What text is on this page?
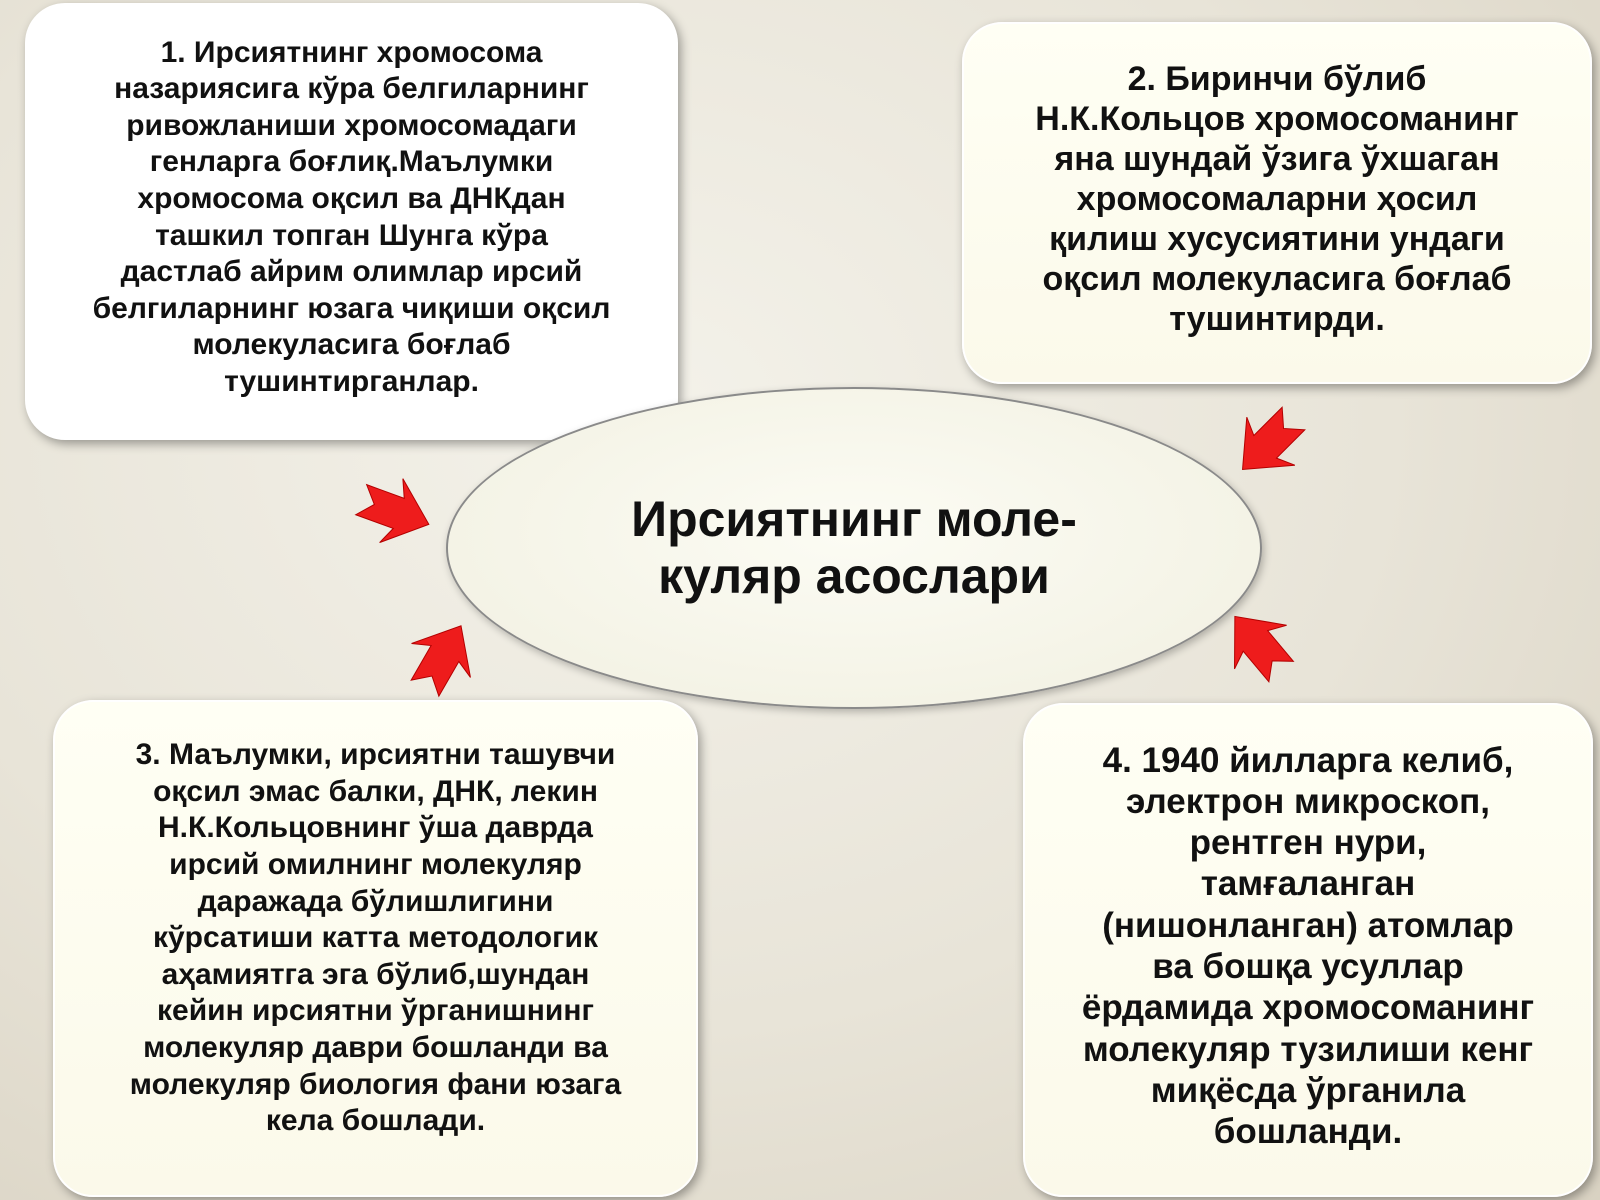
1. Ирсиятнинг хромосома
назариясига кўра белгиларнинг
ривожланиши хромосомадаги
генларга боғлиқ.Маълумки
хромосома оқсил ва ДНКдан
ташкил топган Шунга кўра
дастлаб айрим олимлар ирсий
белгиларнинг юзага чиқиши оқсил
молекуласига боғлаб
тушинтирганлар.

2. Биринчи бўлиб
Н.К.Кольцов хромосоманинг
яна шундай ўзига ўхшаган
хромосомаларни ҳосил
қилиш хусусиятини ундаги
оқсил молекуласига боғлаб
тушинтирди.

3. Маълумки, ирсиятни ташувчи
оқсил эмас балки, ДНК, лекин
Н.К.Кольцовнинг ўша даврда
ирсий омилнинг молекуляр
даражада бўлишлигини
кўрсатиши катта методологик
аҳамиятга эга бўлиб,шундан
кейин ирсиятни ўрганишнинг
молекуляр даври бошланди ва
молекуляр биология фани юзага
кела бошлади.

4. 1940 йилларга келиб,
электрон микроскоп,
рентген нури,
тамғаланган
(нишонланган) атомлар
ва бошқа усуллар
ёрдамида хромосоманинг
молекуляр тузилиши кенг
миқёсда ўрганила
бошланди.

Ирсиятнинг моле-
куляр асослари
